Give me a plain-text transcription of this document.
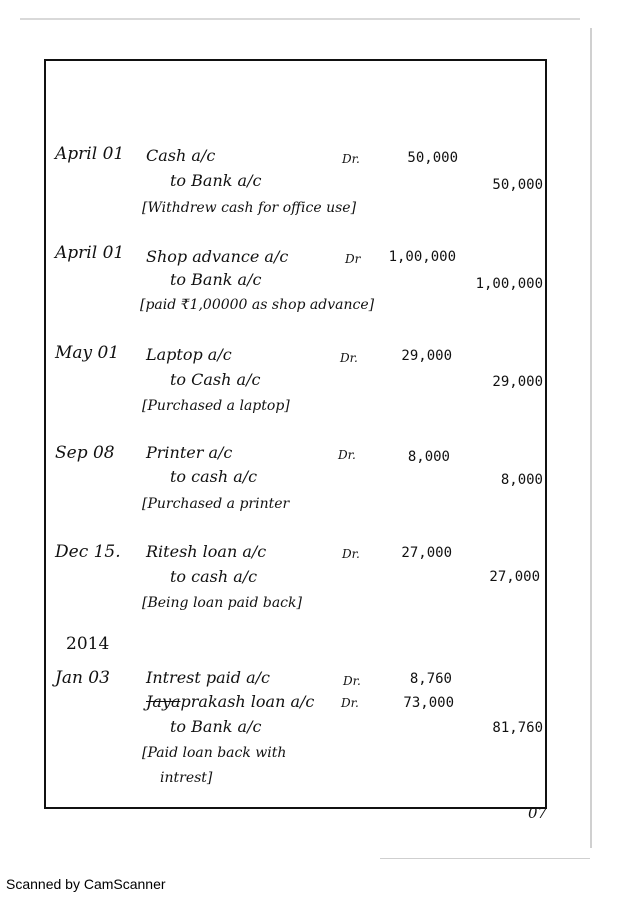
April 01 Cash a/c	Dr.	50,000
to Bank a/c	50,000
[Withdrew cash for office use]
April 01 Shop advance a/c	Dr	1,00,000
to Bank a/c	1,00,000
[paid ₹1,00000 as shop advance]
May 01 Laptop a/c	Dr.	29,000
to Cash a/c	29,000
[Purchased a laptop]
Sep 08 Printer a/c	Dr.	8,000
to cash a/c	8,000
[Purchased a printer
Dec 15. Ritesh loan a/c	Dr.	27,000
to cash a/c	27,000
[Being loan paid back]
2014
Jan 03 Intrest paid a/c	Dr.	8,760
Jayaprakash loan a/c Dr.	73,000
to Bank a/c	81,760
[Paid loan back with
intrest]
07
Scanned by CamScanner
